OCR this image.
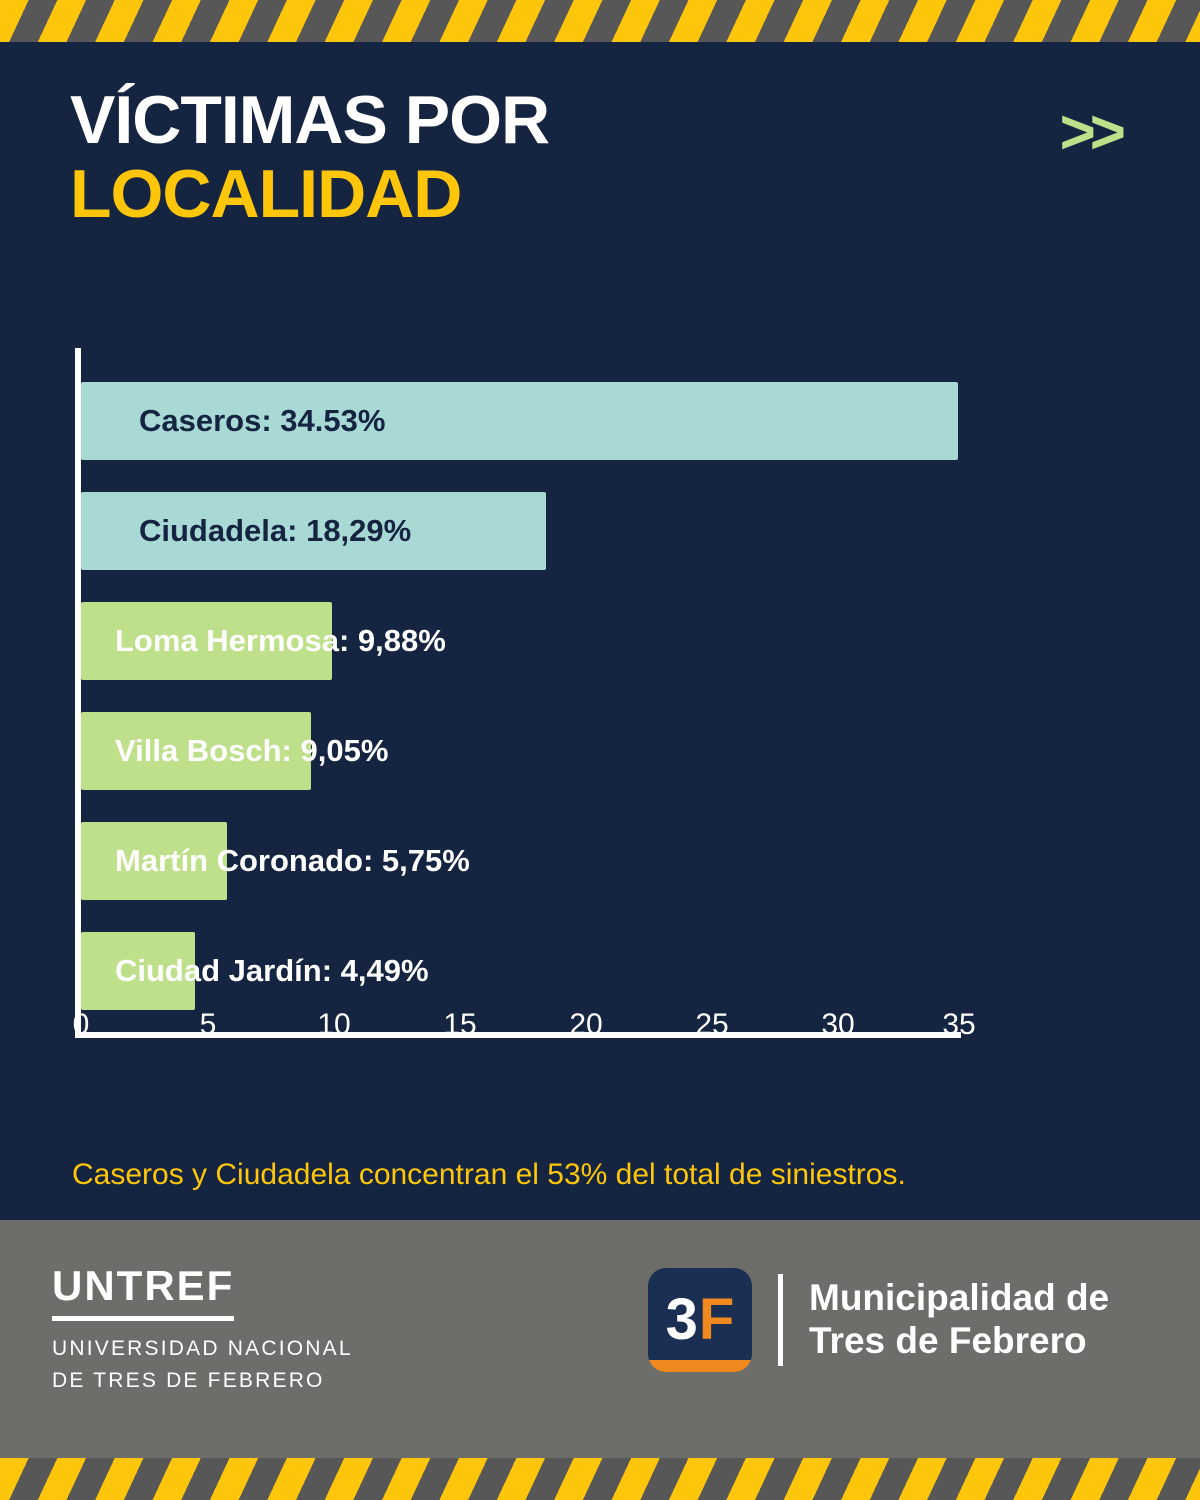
VÍCTIMAS POR
LOCALIDAD
>>
Caseros: 34.53%
Ciudadela: 18,29%
Loma Hermosa: 9,88%
Villa Bosch: 9,05%
Martín Coronado: 5,75%
Ciudad Jardín: 4,49%
0	5	10	15	20	25	30	35
Caseros y Ciudadela concentran el 53% del total de siniestros.
UNTREF
UNIVERSIDAD NACIONAL
DE TRES DE FEBRERO
3 F Municipalidad de
Tres de Febrero
